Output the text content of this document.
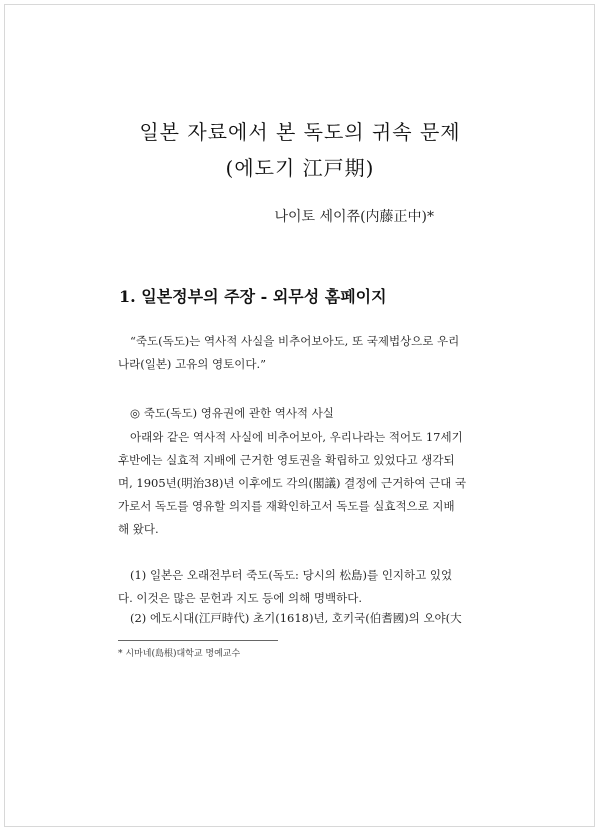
일본 자료에서 본 독도의 귀속 문제
(에도기 江戸期)
나이토 세이쮸(内藤正中)*
1. 일본정부의 주장 - 외무성 홈페이지
“죽도(독도)는 역사적 사실을 비추어보아도, 또 국제법상으로 우리
나라(일본) 고유의 영토이다.”
◎ 죽도(독도) 영유권에 관한 역사적 사실
아래와 같은 역사적 사실에 비추어보아, 우리나라는 적어도 17세기
후반에는 실효적 지배에 근거한 영토권을 확립하고 있었다고 생각되
며, 1905년(明治38)년 이후에도 각의(閣議) 결정에 근거하여 근대 국
가로서 독도를 영유할 의지를 재확인하고서 독도를 실효적으로 지배
해 왔다.
(1) 일본은 오래전부터 죽도(독도: 당시의 松島)를 인지하고 있었
다. 이것은 많은 문헌과 지도 등에 의해 명백하다.
(2) 에도시대(江戸時代) 초기(1618)년, 호키국(伯耆國)의 오야(大
* 시마네(島根)대학교 명예교수
